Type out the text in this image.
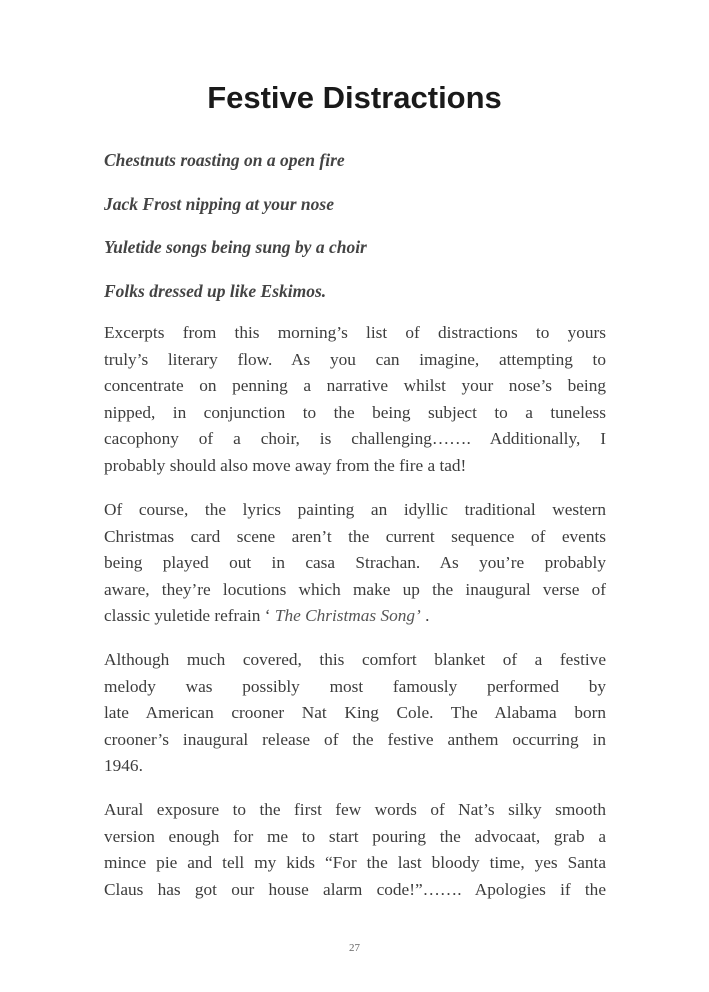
Festive Distractions

Chestnuts roasting on a open fire

Jack Frost nipping at your nose

Yuletide songs being sung by a choir

Folks dressed up like Eskimos.

Excerpts from this morning’s list of distractions to yours
truly’s literary flow. As you can imagine, attempting to
concentrate on penning a narrative whilst your nose’s being
nipped, in conjunction to the being subject to a tuneless
cacophony of a choir, is challenging……. Additionally, I
probably should also move away from the fire a tad!

Of course, the lyrics painting an idyllic traditional western
Christmas card scene aren’t the current sequence of events
being played out in casa Strachan. As you’re probably
aware, they’re locutions which make up the inaugural verse of
classic yuletide refrain ‘ The Christmas Song’ .

Although much covered, this comfort blanket of a festive
melody was possibly most famously performed by
late American crooner Nat King Cole. The Alabama born
crooner’s inaugural release of the festive anthem occurring in
1946.

Aural exposure to the first few words of Nat’s silky smooth
version enough for me to start pouring the advocaat, grab a
mince pie and tell my kids “For the last bloody time, yes Santa
Claus has got our house alarm code!”……. Apologies if the

27
